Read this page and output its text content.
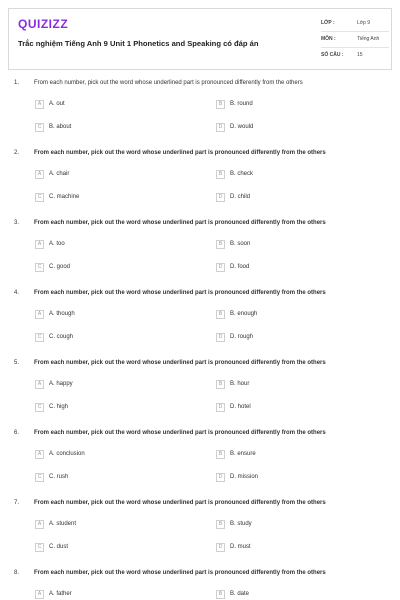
QUIZIZZ
Trắc nghiệm Tiếng Anh 9 Unit 1 Phonetics and Speaking có đáp án
LỚP :	Lớp 9
MÔN :	Tiếng Anh
SỐ CÂU :	15
1. From each number, pick out the word whose underlined part is pronounced differently from the others
A	A. out	B	B. round
C	B. about	D	D. would
2. From each number, pick out the word whose underlined part is pronounced differently from the others
A	A. chair	B	B. check
C	C. machine	D	D. child
3. From each number, pick out the word whose underlined part is pronounced differently from the others
A	A. too	B	B. soon
C	C. good	D	D. food
4. From each number, pick out the word whose underlined part is pronounced differently from the others
A	A. though	B	B. enough
C	C. cough	D	D. rough
5. From each number, pick out the word whose underlined part is pronounced differently from the others
A	A. happy	B	B. hour
C	C. high	D	D. hotel
6. From each number, pick out the word whose underlined part is pronounced differently from the others
A	A. conclusion	B	B. ensure
C	C. rush	D	D. mission
7. From each number, pick out the word whose underlined part is pronounced differently from the others
A	A. student	B	B. study
C	C. dust	D	D. must
8. From each number, pick out the word whose underlined part is pronounced differently from the others
A	A. father	B	B. date
